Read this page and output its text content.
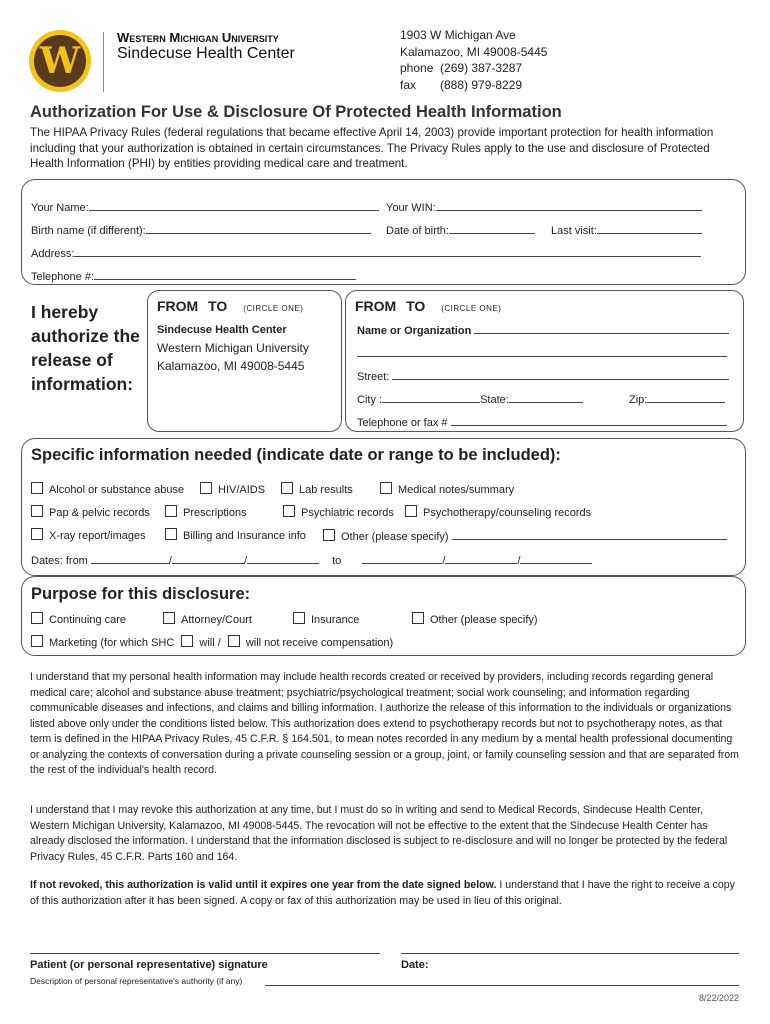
W
Western Michigan University
Sindecuse Health Center
1903 W Michigan Ave
Kalamazoo, MI 49008-5445
phone (269) 387-3287
fax (888) 979-8229
Authorization For Use & Disclosure Of Protected Health Information
The HIPAA Privacy Rules (federal regulations that became effective April 14, 2003) provide important protection for health information including that your authorization is obtained in certain circumstances. The Privacy Rules apply to the use and disclosure of Protected Health Information (PHI) by entities providing medical care and treatment.
Your Name:	Your WIN:
Birth name (if different):	Date of birth:	Last visit:
Address:
Telephone #:
I hereby authorize the release of information:
FROM TO (CIRCLE ONE)
Sindecuse Health Center
Western Michigan University
Kalamazoo, MI 49008-5445
FROM TO (CIRCLE ONE)
Name or Organization
Street:
City :	State:	Zip:
Telephone or fax #
Specific information needed (indicate date or range to be included):
Alcohol or substance abuse	HIV/AIDS	Lab results	Medical notes/summary
Pap & pelvic records	Prescriptions	Psychiatric records	Psychotherapy/counseling records
X-ray report/images	Billing and Insurance info	Other (please specify)
Dates: from	/	/	to	/	/
Purpose for this disclosure:
Continuing care	Attorney/Court	Insurance	Other (please specify)
Marketing (for which SHC will / will not receive compensation)
I understand that my personal health information may include health records created or received by providers, including records regarding general medical care; alcohol and substance abuse treatment; psychiatric/psychological treatment; social work counseling; and information regarding communicable diseases and infections, and claims and billing information. I authorize the release of this information to the individuals or organizations listed above only under the conditions listed below. This authorization does extend to psychotherapy records but not to psychotherapy notes, as that term is defined in the HIPAA Privacy Rules, 45 C.F.R. § 164.501, to mean notes recorded in any medium by a mental health professional documenting or analyzing the contexts of conversation during a private counseling session or a group, joint, or family counseling session and that are separated from the rest of the individual's health record.
I understand that I may revoke this authorization at any time, but I must do so in writing and send to Medical Records, Sindecuse Health Center, Western Michigan University, Kalamazoo, MI 49008-5445. The revocation will not be effective to the extent that the Sindecuse Health Center has already disclosed the information. I understand that the information disclosed is subject to re-disclosure and will no longer be protected by the federal Privacy Rules, 45 C.F.R. Parts 160 and 164.
If not revoked, this authorization is valid until it expires one year from the date signed below. I understand that I have the right to receive a copy of this authorization after it has been signed. A copy or fax of this authorization may be used in lieu of this original.
Patient (or personal representative) signature	Date:
Description of personal representative's authority (if any)
8/22/2022
